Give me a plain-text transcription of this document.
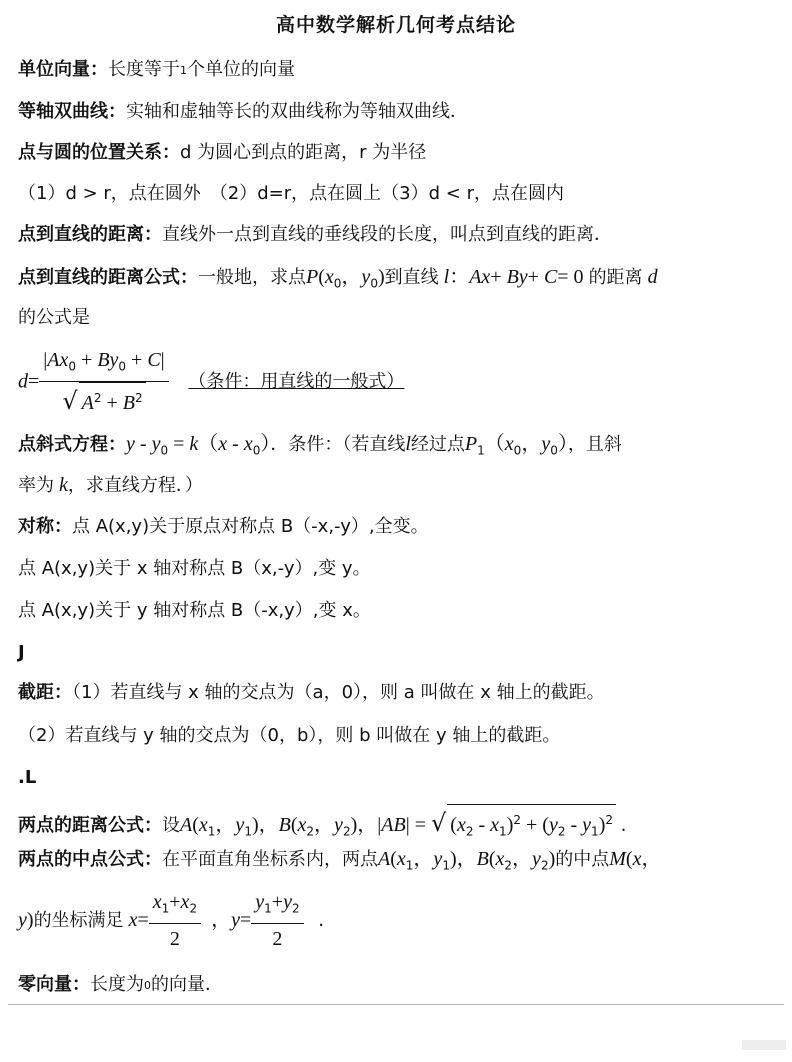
高中数学解析几何考点结论
单位向量：长度等于1个单位的向量
等轴双曲线：实轴和虚轴等长的双曲线称为等轴双曲线．
点与圆的位置关系：d 为圆心到点的距离，r 为半径
（1）d > r，点在圆外　（2）d=r，点在圆上（3）d < r，点在圆内
点到直线的距离：直线外一点到直线的垂线段的长度，叫点到直线的距离．
点到直线的距离公式：一般地，求点$P(x_0$，$y_0$)到直线 l：Ax+ By+ C= 0 的距离 d
的公式是
$d= \frac{|Ax_0 + By_0 + C|}{√ A^2 + B^2}$ （条件：用直线的一般式）
点斜式方程：$y - y_0 = k(x - x_0)$．条件：（若直线l经过点$P_1(x_0$，$y_0$），且斜
率为 k，求直线方程．）
对称：点 A(x,y)关于原点对称点 B（-x,-y）,全变。
点 A(x,y)关于 x 轴对称点 B（x,-y）,变 y。
点 A(x,y)关于 y 轴对称点 B（-x,y）,变 x。
J
截距：（1）若直线与 x 轴的交点为（a，0），则 a 叫做在 x 轴上的截距。
（2）若直线与 y 轴的交点为（0，b），则 b 叫做在 y 轴上的截距。
.L
两点的距离公式：设$A(x_1$，$y_1$)，$B(x_2$，$y_2$)，|AB| = √ $(x_2 - x_1)^2 + (y_2 - y_1)^2$ .
两点的中点公式：在平面直角坐标系内，两点$A(x_1$，$y_1$)，$B(x_2$，$y_2$)的中点M(x，
y)的坐标满足 $x= \frac{x_1+x_2}{2}$ ，$y= \frac{y_1+y_2}{2}$ .
零向量：长度为0的向量．
